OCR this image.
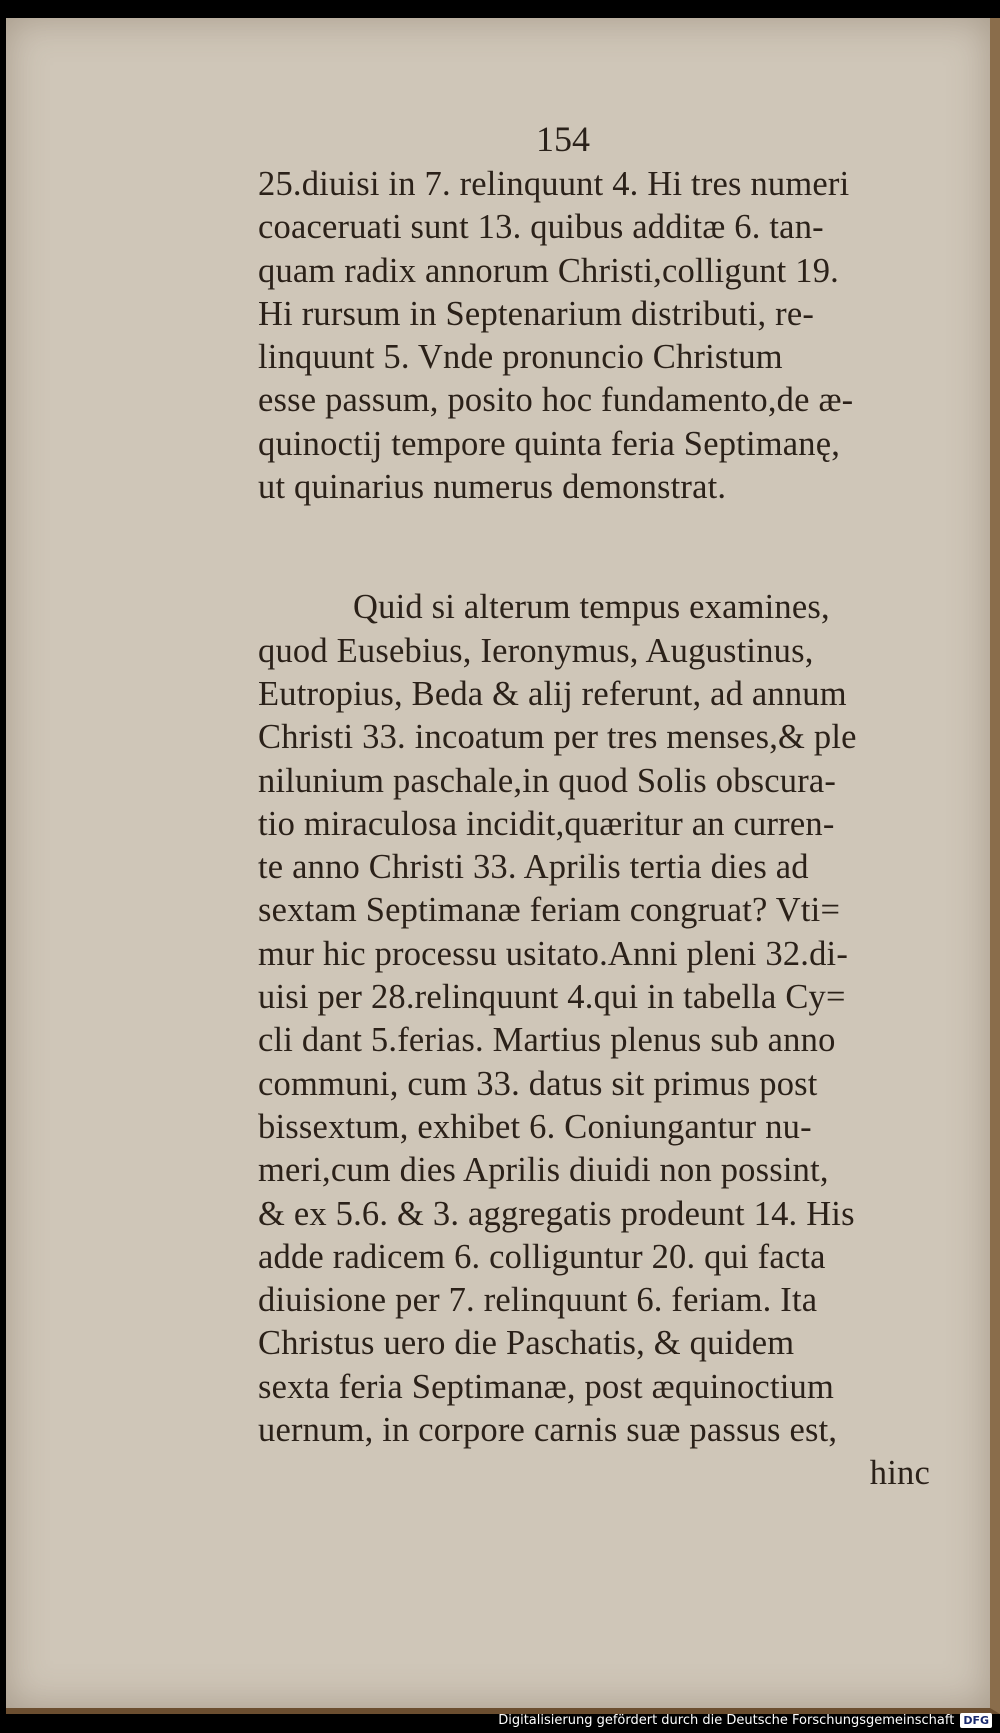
154
25.diuisi in 7. relinquunt 4. Hi tres numeri
coaceruati sunt 13. quibus additæ 6. tan-
quam radix annorum Christi,colligunt 19.
Hi rursum in Septenarium distributi, re-
linquunt 5. Vnde pronuncio Christum
esse passum, posito hoc fundamento,de æ-
quinoctij tempore quinta feria Septimanę,
ut quinarius numerus demonstrat.
Quid si alterum tempus examines,
quod Eusebius, Ieronymus, Augustinus,
Eutropius, Beda & alij referunt, ad annum
Christi 33. incoatum per tres menses,& ple
nilunium paschale,in quod Solis obscura-
tio miraculosa incidit,quæritur an curren-
te anno Christi 33. Aprilis tertia dies ad
sextam Septimanæ feriam congruat? Vti=
mur hic processu usitato.Anni pleni 32.di-
uisi per 28.relinquunt 4.qui in tabella Cy=
cli dant 5.ferias. Martius plenus sub anno
communi, cum 33. datus sit primus post
bissextum, exhibet 6. Coniungantur nu-
meri,cum dies Aprilis diuidi non possint,
& ex 5.6. & 3. aggregatis prodeunt 14. His
adde radicem 6. colliguntur 20. qui facta
diuisione per 7. relinquunt 6. feriam. Ita
Christus uero die Paschatis, & quidem
sexta feria Septimanæ, post æquinoctium
uernum, in corpore carnis suæ passus est,
hinc
Digitalisierung gefördert durch die Deutsche Forschungsgemeinschaft DFG
